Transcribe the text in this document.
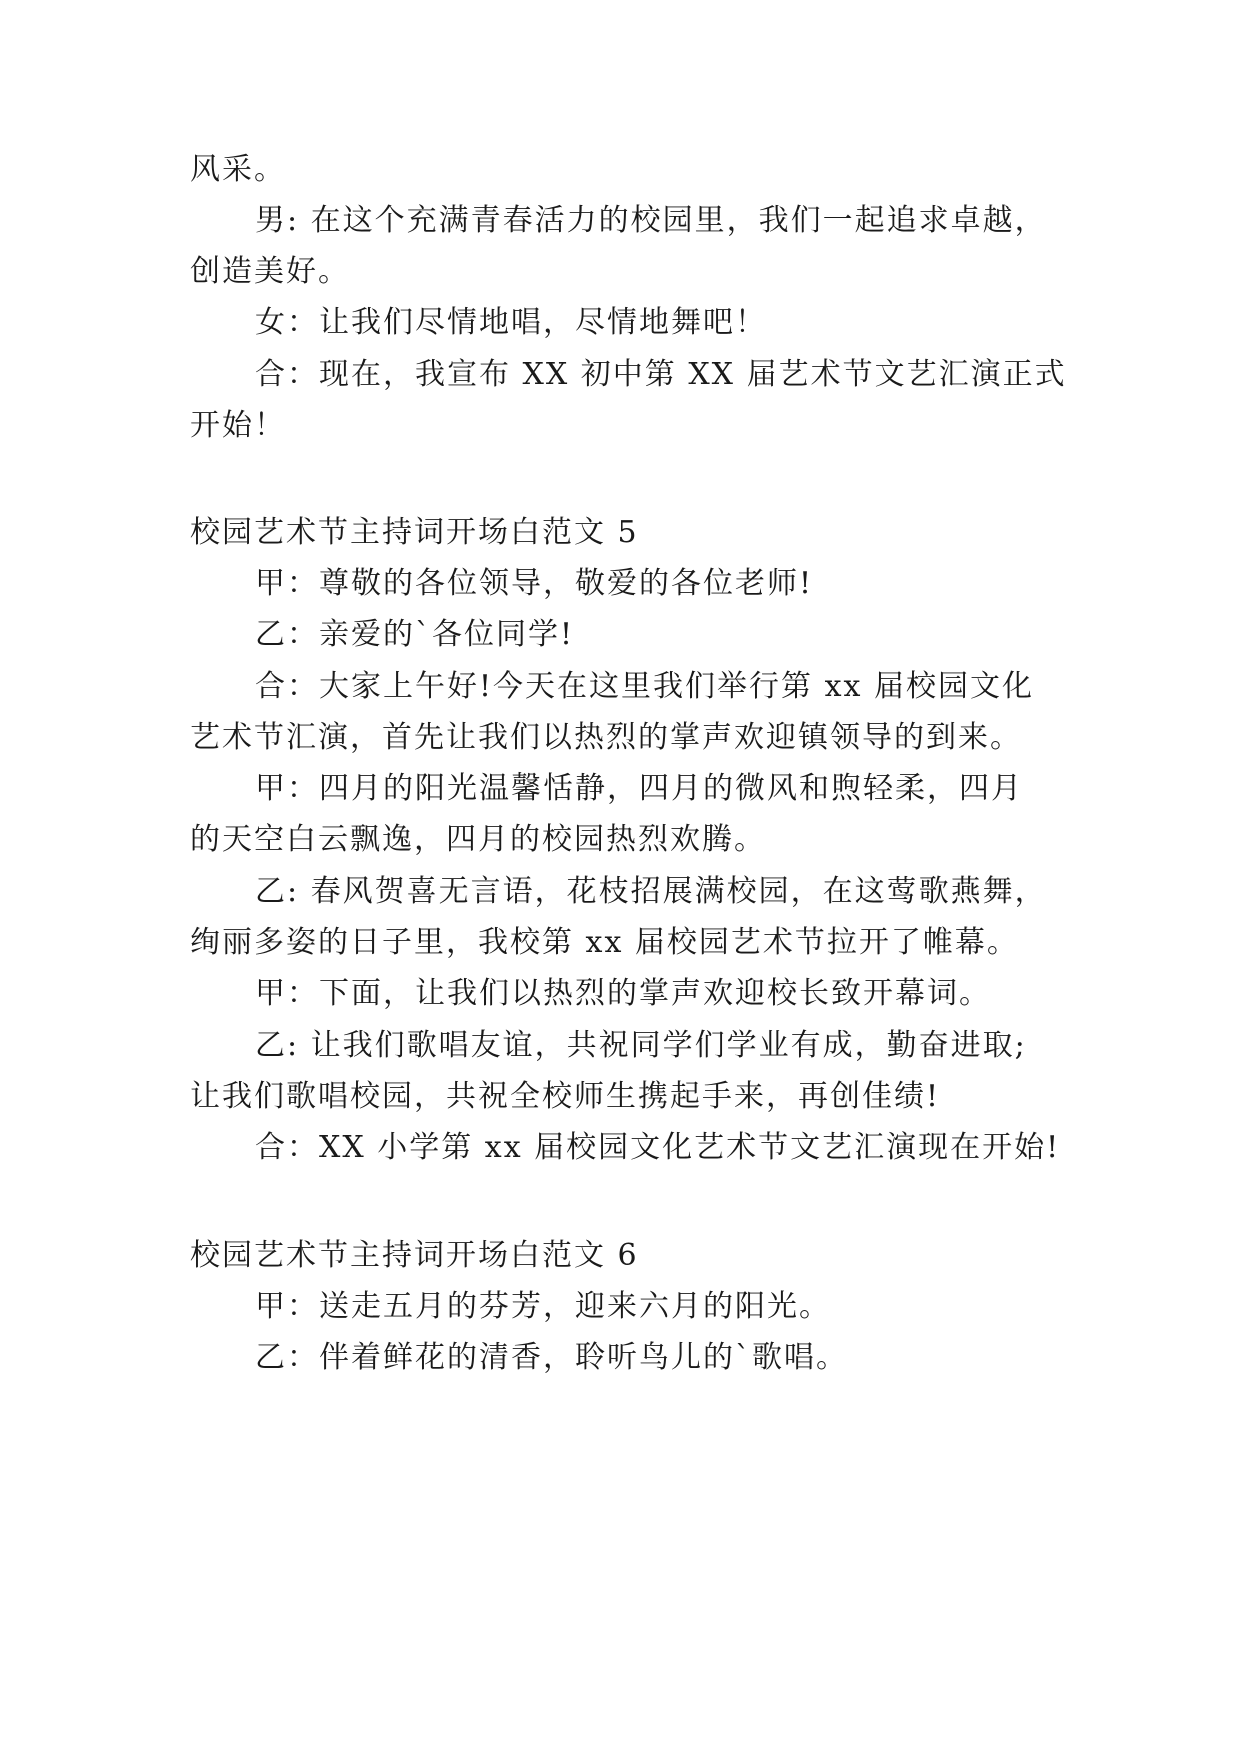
风采。
男: 在这个充满青春活力的校园里，我们一起追求卓越，
创造美好。
女：让我们尽情地唱，尽情地舞吧！
合：现在，我宣布 XX 初中第 XX 届艺术节文艺汇演正式
开始！
校园艺术节主持词开场白范文 5
甲：尊敬的各位领导，敬爱的各位老师!
乙：亲爱的`各位同学!
合：大家上午好!今天在这里我们举行第 xx 届校园文化
艺术节汇演，首先让我们以热烈的掌声欢迎镇领导的到来。
甲：四月的阳光温馨恬静，四月的微风和煦轻柔，四月
的天空白云飘逸，四月的校园热烈欢腾。
乙: 春风贺喜无言语，花枝招展满校园，在这莺歌燕舞，
绚丽多姿的日子里，我校第 xx 届校园艺术节拉开了帷幕。
甲：下面，让我们以热烈的掌声欢迎校长致开幕词。
乙: 让我们歌唱友谊，共祝同学们学业有成，勤奋进取;
让我们歌唱校园，共祝全校师生携起手来，再创佳绩!
合：XX 小学第 xx 届校园文化艺术节文艺汇演现在开始!
校园艺术节主持词开场白范文 6
甲：送走五月的芬芳，迎来六月的阳光。
乙：伴着鲜花的清香，聆听鸟儿的`歌唱。
